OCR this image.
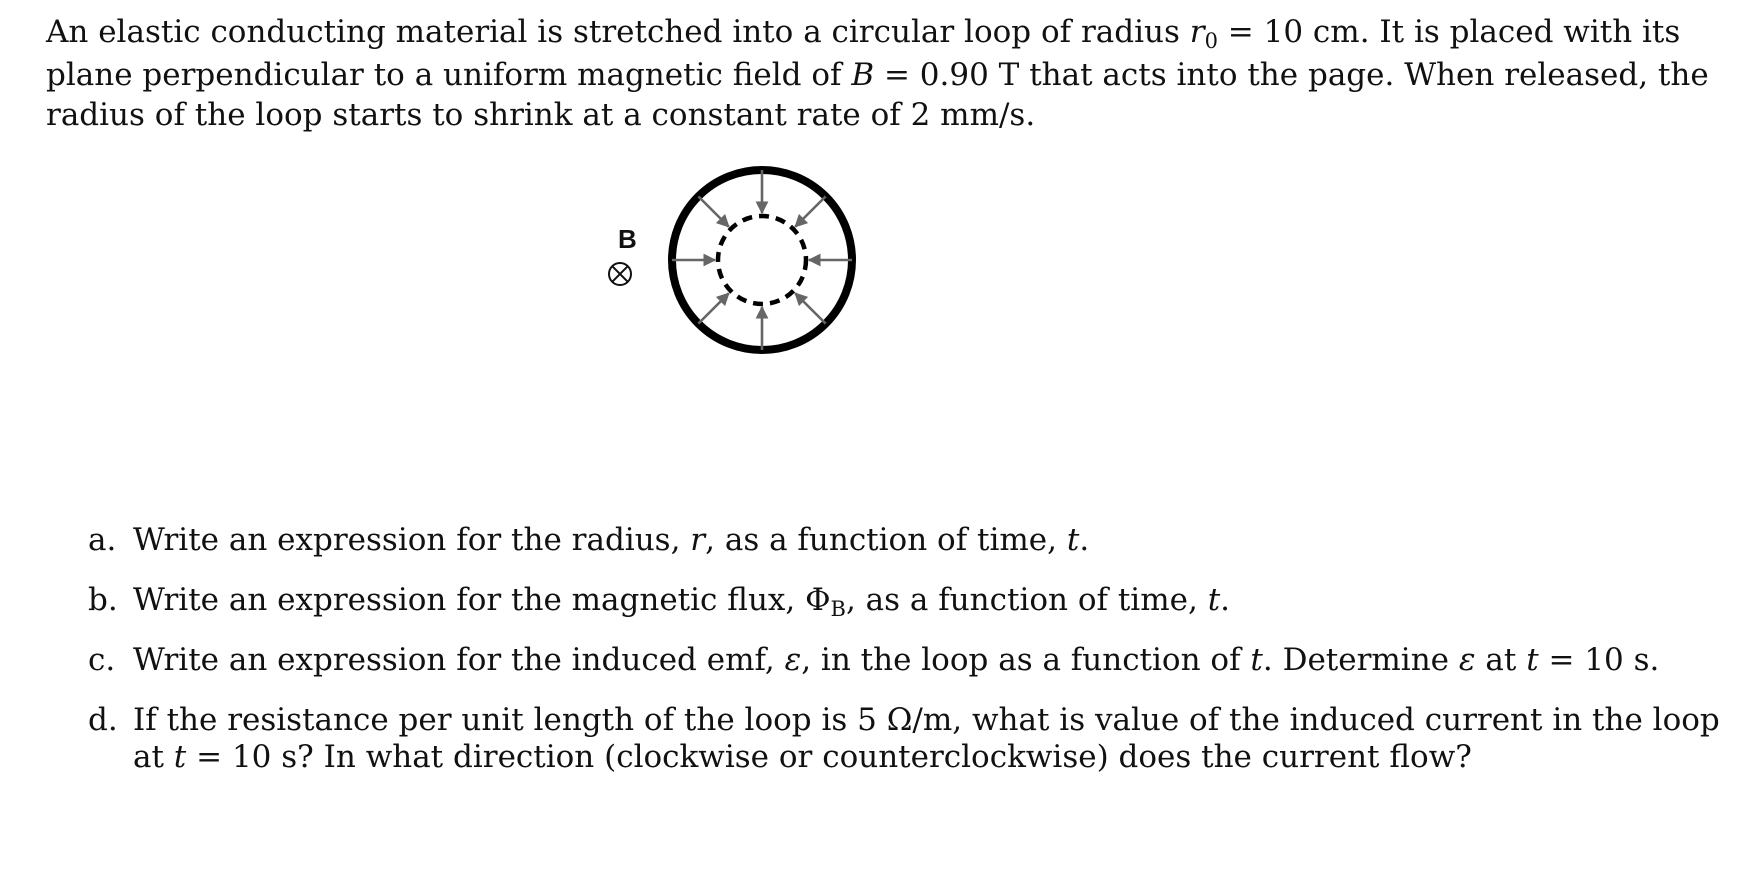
An elastic conducting material is stretched into a circular loop of radius r0 = 10 cm. It is placed with its
plane perpendicular to a uniform magnetic field of B = 0.90 T that acts into the page. When released, the
radius of the loop starts to shrink at a constant rate of 2 mm/s.
B
a. Write an expression for the radius, r, as a function of time, t.
b. Write an expression for the magnetic flux, ΦB, as a function of time, t.
c. Write an expression for the induced emf, ε, in the loop as a function of t. Determine ε at t = 10 s.
d. If the resistance per unit length of the loop is 5 Ω/m, what is value of the induced current in the loop
at t = 10 s? In what direction (clockwise or counterclockwise) does the current flow?
